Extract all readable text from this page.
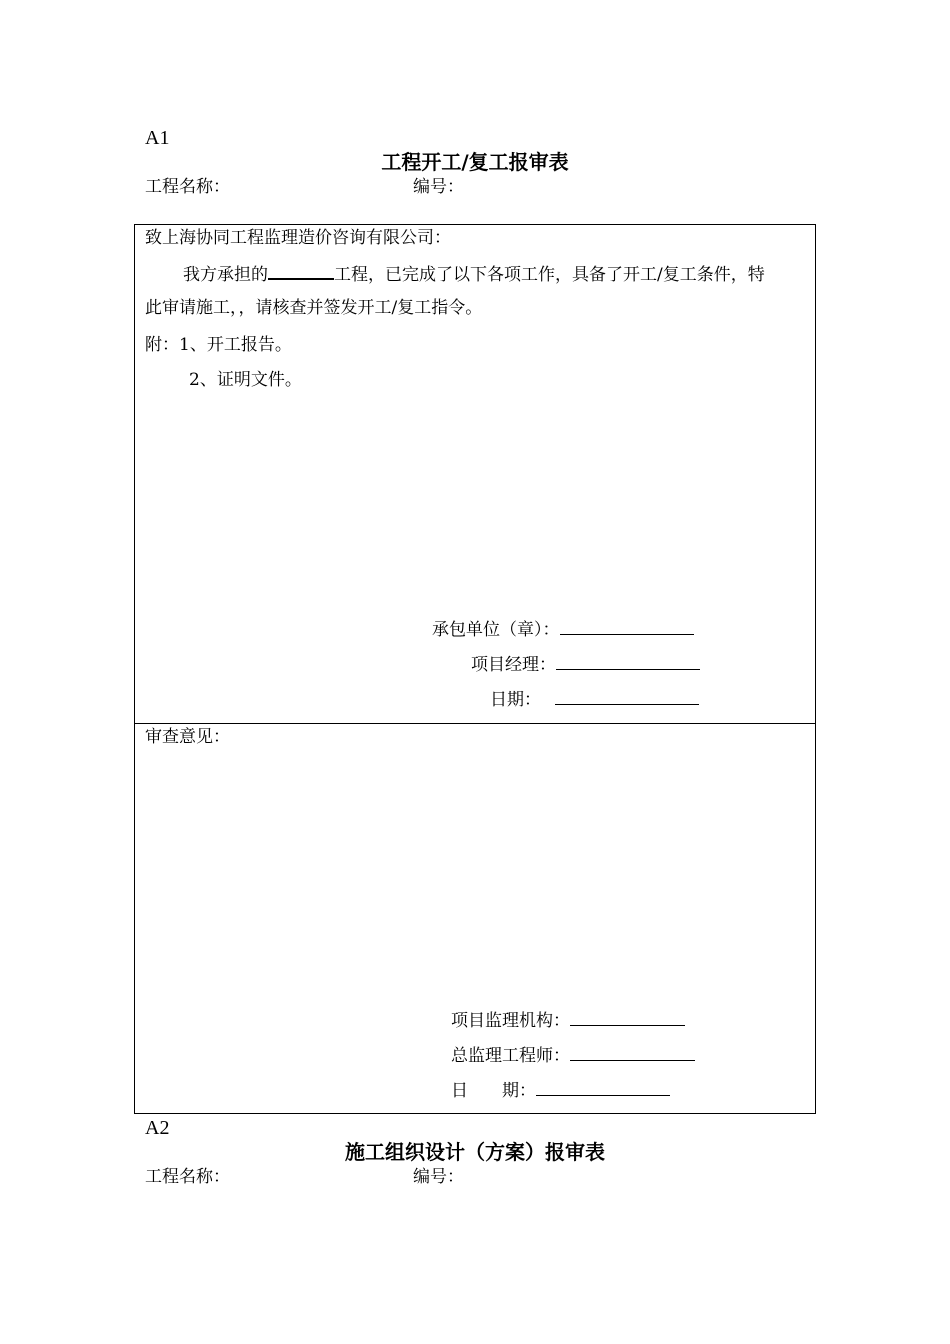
A1
工程开工/复工报审表
工程名称：	编号：
致上海协同工程监理造价咨询有限公司：
我方承担的	工程，已完成了以下各项工作，具备了开工/复工条件，特
此审请施工，，请核查并签发开工/复工指令。
附：1、开工报告。
2、证明文件。
承包单位（章）：
项目经理：
日期：
审查意见：
项目监理机构：
总监理工程师：
日　　期：
A2
施工组织设计（方案）报审表
工程名称：	编号：
